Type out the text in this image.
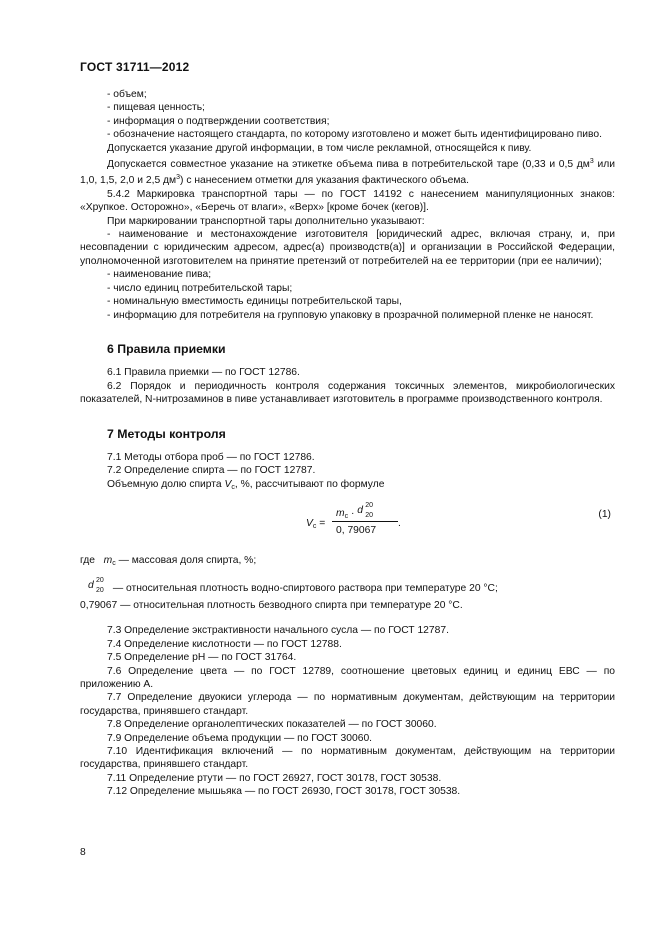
ГОСТ 31711—2012

- объем;

- пищевая ценность;

- информация о подтверждении соответствия;

- обозначение настоящего стандарта, по которому изготовлено и может быть идентифицировано пиво.

Допускается указание другой информации, в том числе рекламной, относящейся к пиву.

Допускается совместное указание на этикетке объема пива в потребительской таре (0,33 и 0,5 $дм^3$ или 1,0, 1,5, 2,0 и 2,5 $дм^3$) с нанесением отметки для указания фактического объема.

5.4.2 Маркировка транспортной тары — по ГОСТ 14192 с нанесением манипуляционных знаков: «Хрупкое. Осторожно», «Беречь от влаги», «Верх» [кроме бочек (кегов)].

При маркировании транспортной тары дополнительно указывают:

- наименование и местонахождение изготовителя [юридический адрес, включая страну, и, при несовпадении с юридическим адресом, адрес(а) производств(а)] и организации в Российской Федерации, уполномоченной изготовителем на принятие претензий от потребителей на ее территории (при ее наличии);

- наименование пива;

- число единиц потребительской тары;

- номинальную вместимость единицы потребительской тары,

- информацию для потребителя на групповую упаковку в прозрачной полимерной пленке не наносят.

6 Правила приемки

6.1 Правила приемки — по ГОСТ 12786.

6.2 Порядок и периодичность контроля содержания токсичных элементов, микробиологических показателей, N-нитрозаминов в пиве устанавливает изготовитель в программе производственного контроля.

7 Методы контроля

7.1 Методы отбора проб — по ГОСТ 12786.

7.2 Определение спирта — по ГОСТ 12787.

Объемную долю спирта $V_c$, %, рассчитывают по формуле

$V_c$ =
$m_c \cdot d$ 20
20
0, 79067
.
(1)

где $m_c$ — массовая доля спирта, %;

d 20
20 — относительная плотность водно-спиртового раствора при температуре 20 °С;

0,79067 — относительная плотность безводного спирта при температуре 20 °С.

7.3 Определение экстрактивности начального сусла — по ГОСТ 12787.

7.4 Определение кислотности — по ГОСТ 12788.

7.5 Определение рН — по ГОСТ 31764.

7.6 Определение цвета — по ГОСТ 12789, соотношение цветовых единиц и единиц ЕВС — по приложению А.

7.7 Определение двуокиси углерода — по нормативным документам, действующим на территории государства, принявшего стандарт.

7.8 Определение органолептических показателей — по ГОСТ 30060.

7.9 Определение объема продукции — по ГОСТ 30060.

7.10 Идентификация включений — по нормативным документам, действующим на территории государства, принявшего стандарт.

7.11 Определение ртути — по ГОСТ 26927, ГОСТ 30178, ГОСТ 30538.

7.12 Определение мышьяка — по ГОСТ 26930, ГОСТ 30178, ГОСТ 30538.

8
